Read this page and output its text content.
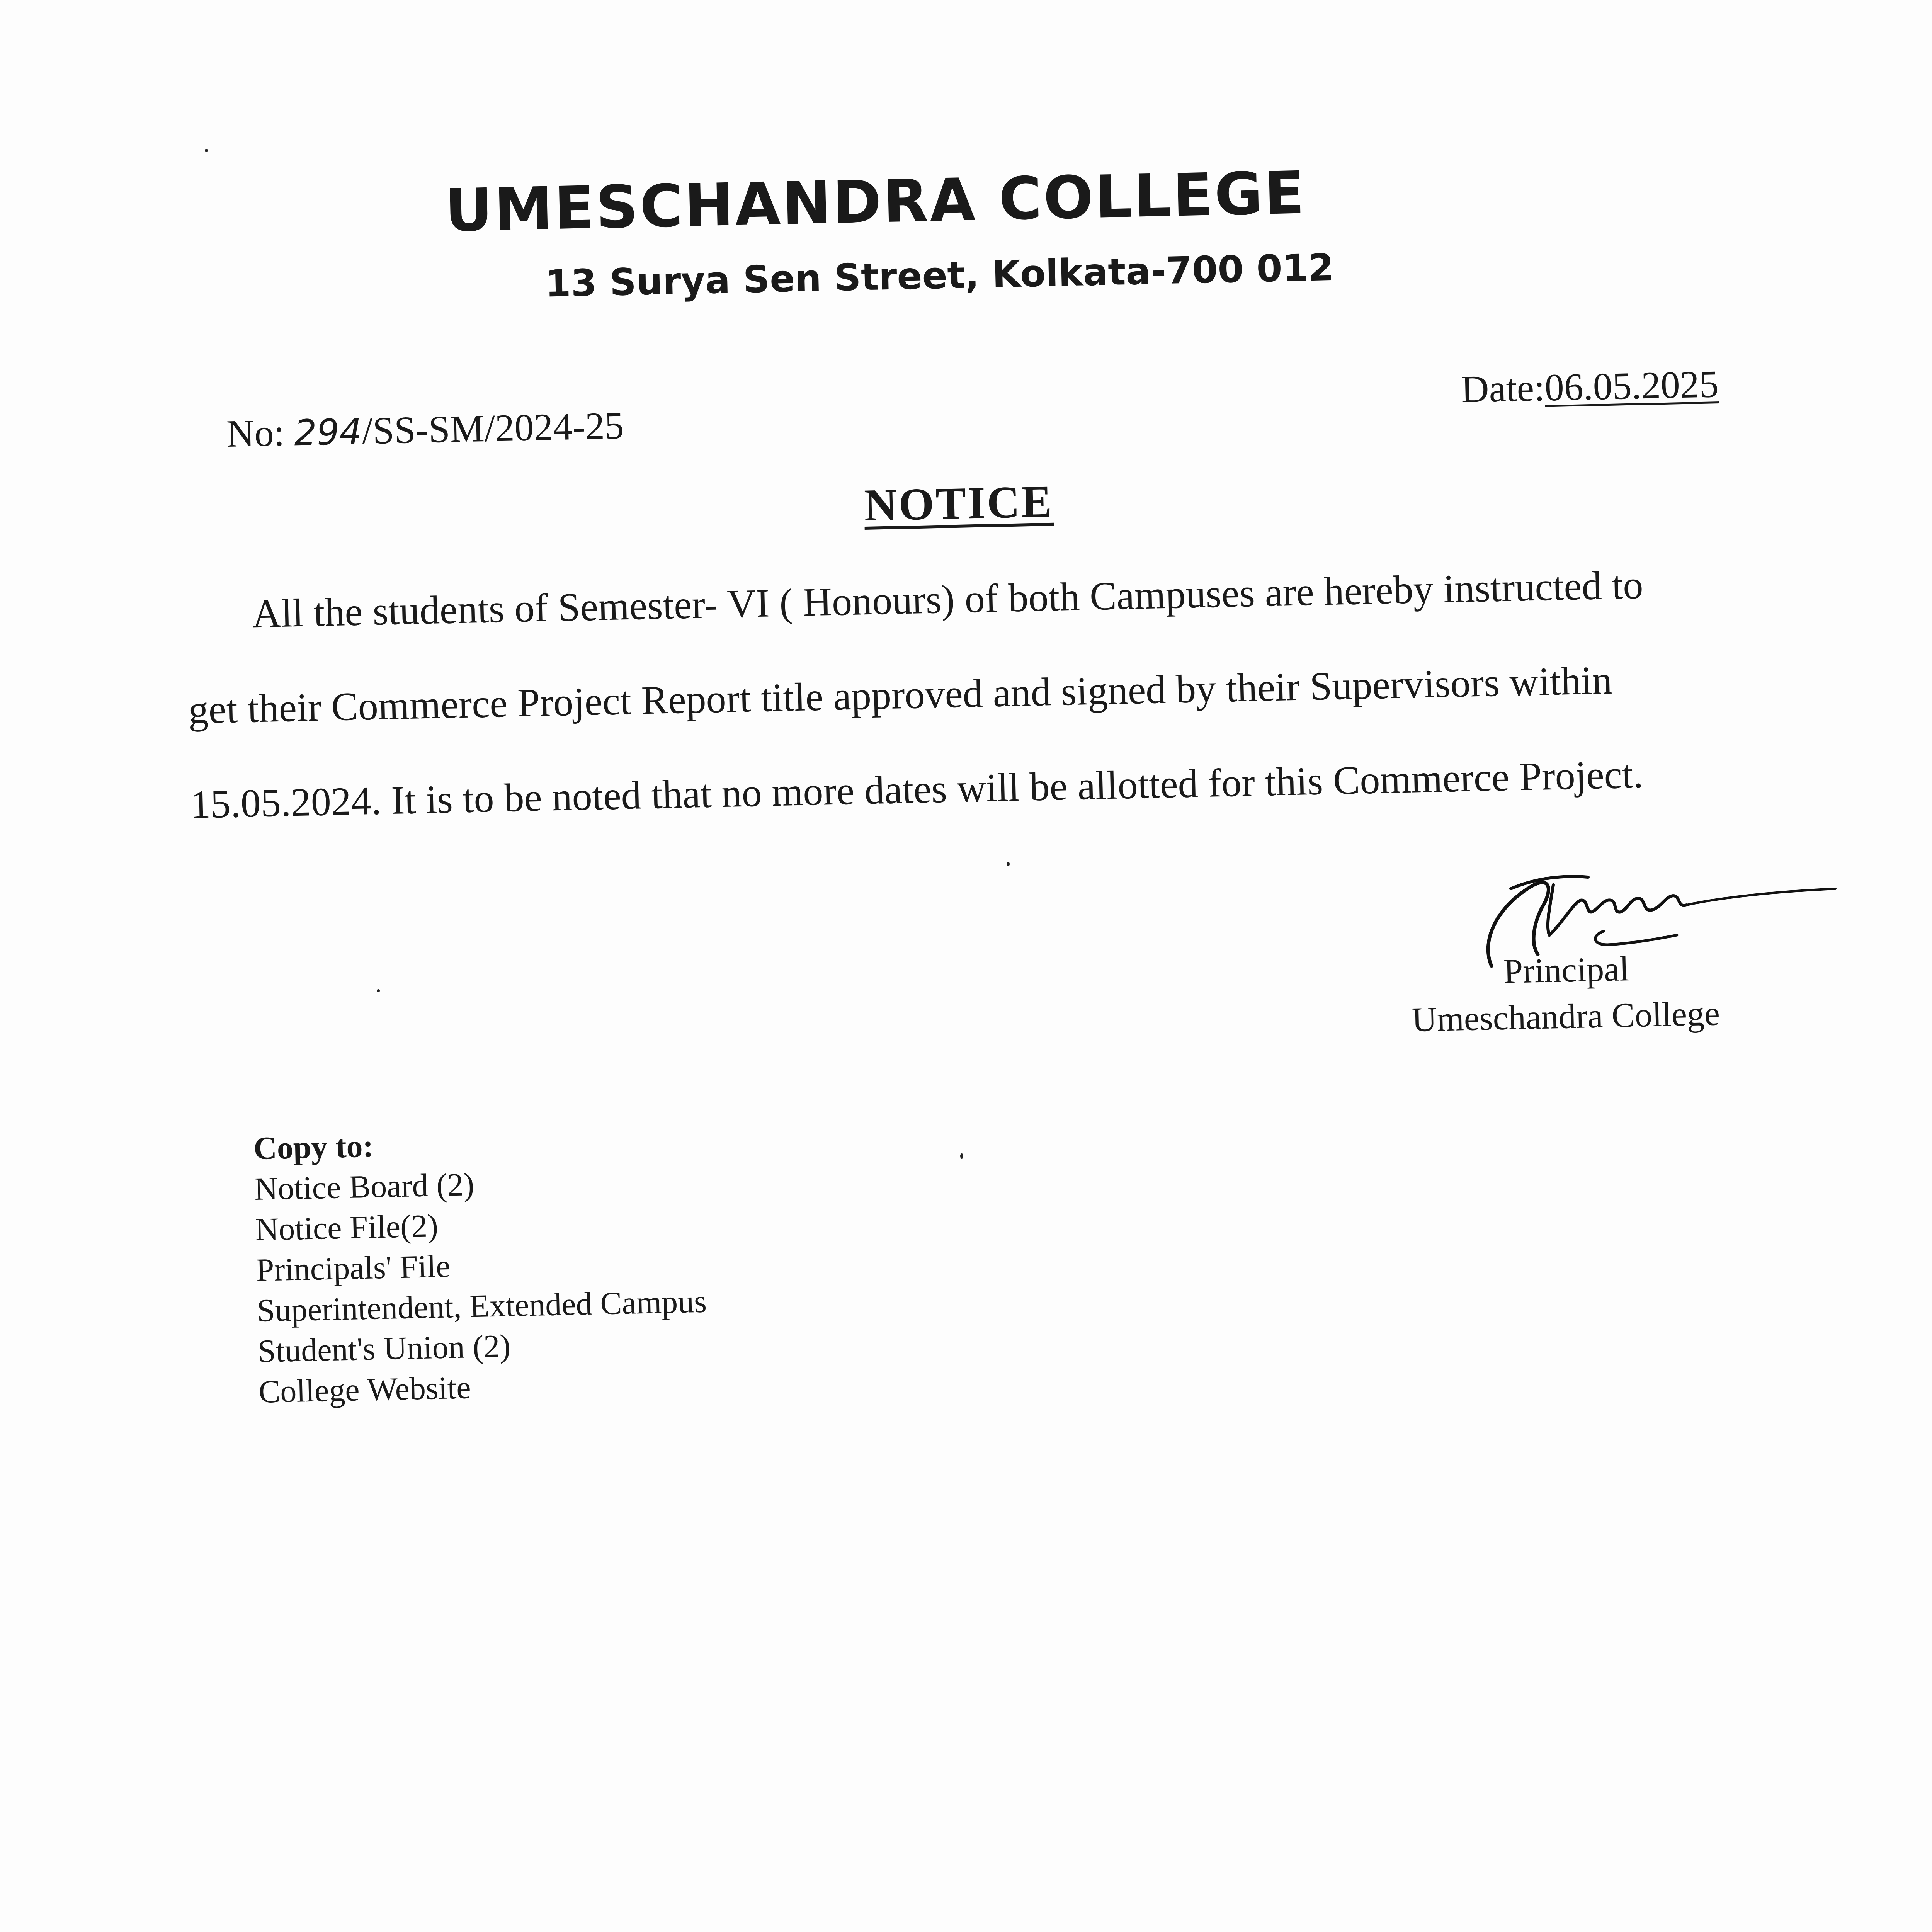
UMESCHANDRA COLLEGE
13 Surya Sen Street, Kolkata-700 012
Date:06.05.2025
No: 294/SS-SM/2024-25
NOTICE
All the students of Semester- VI ( Honours) of both Campuses are hereby instructed to
get their Commerce Project Report title approved and signed by their Supervisors within
15.05.2024. It is to be noted that no more dates will be allotted for this Commerce Project.
Principal
Umeschandra College
Copy to:
Notice Board (2)
Notice File(2)
Principals' File
Superintendent, Extended Campus
Student's Union (2)
College Website
